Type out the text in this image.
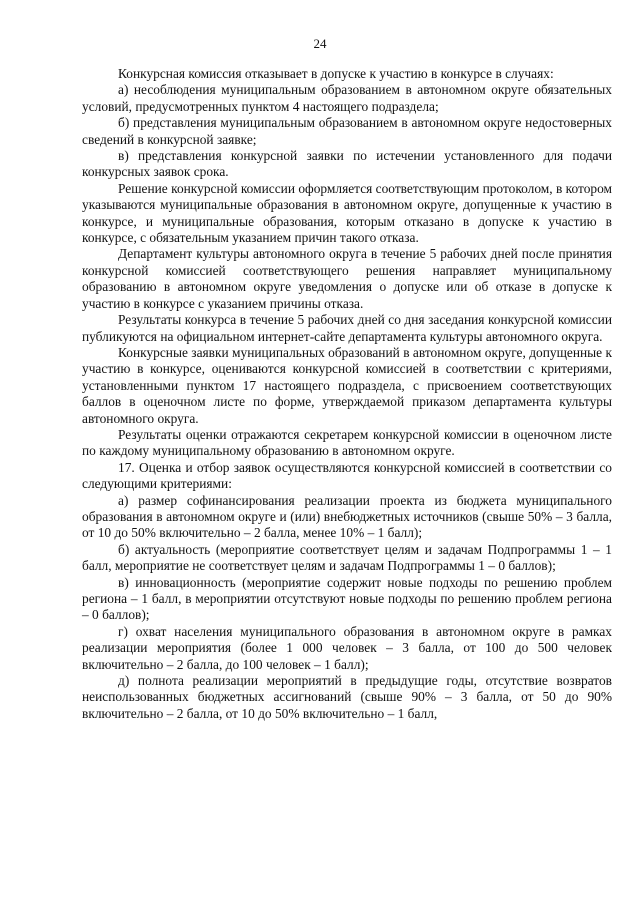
24

Конкурсная комиссия отказывает в допуске к участию в конкурсе в случаях:

а) несоблюдения муниципальным образованием в автономном округе обязательных условий, предусмотренных пунктом 4 настоящего подраздела;

б) представления муниципальным образованием в автономном округе недостоверных сведений в конкурсной заявке;

в) представления конкурсной заявки по истечении установленного для подачи конкурсных заявок срока.

Решение конкурсной комиссии оформляется соответствующим протоколом, в котором указываются муниципальные образования в автономном округе, допущенные к участию в конкурсе, и муниципальные образования, которым отказано в допуске к участию в конкурсе, с обязательным указанием причин такого отказа.

Департамент культуры автономного округа в течение 5 рабочих дней после принятия конкурсной комиссией соответствующего решения направляет муниципальному образованию в автономном округе уведомления о допуске или об отказе в допуске к участию в конкурсе с указанием причины отказа.

Результаты конкурса в течение 5 рабочих дней со дня заседания конкурсной комиссии публикуются на официальном интернет-сайте департамента культуры автономного округа.

Конкурсные заявки муниципальных образований в автономном округе, допущенные к участию в конкурсе, оцениваются конкурсной комиссией в соответствии с критериями, установленными пунктом 17 настоящего подраздела, с присвоением соответствующих баллов в оценочном листе по форме, утверждаемой приказом департамента культуры автономного округа.

Результаты оценки отражаются секретарем конкурсной комиссии в оценочном листе по каждому муниципальному образованию в автономном округе.

17. Оценка и отбор заявок осуществляются конкурсной комиссией в соответствии со следующими критериями:

а) размер софинансирования реализации проекта из бюджета муниципального образования в автономном округе и (или) внебюджетных источников (свыше 50% – 3 балла, от 10 до 50% включительно – 2 балла, менее 10% – 1 балл);

б) актуальность (мероприятие соответствует целям и задачам Подпрограммы 1 – 1 балл, мероприятие не соответствует целям и задачам Подпрограммы 1 – 0 баллов);

в) инновационность (мероприятие содержит новые подходы по решению проблем региона – 1 балл, в мероприятии отсутствуют новые подходы по решению проблем региона – 0 баллов);

г) охват населения муниципального образования в автономном округе в рамках реализации мероприятия (более 1 000 человек – 3 балла, от 100 до 500 человек включительно – 2 балла, до 100 человек – 1 балл);

д) полнота реализации мероприятий в предыдущие годы, отсутствие возвратов неиспользованных бюджетных ассигнований (свыше 90% – 3 балла, от 50 до 90% включительно – 2 балла, от 10 до 50% включительно – 1 балл,
